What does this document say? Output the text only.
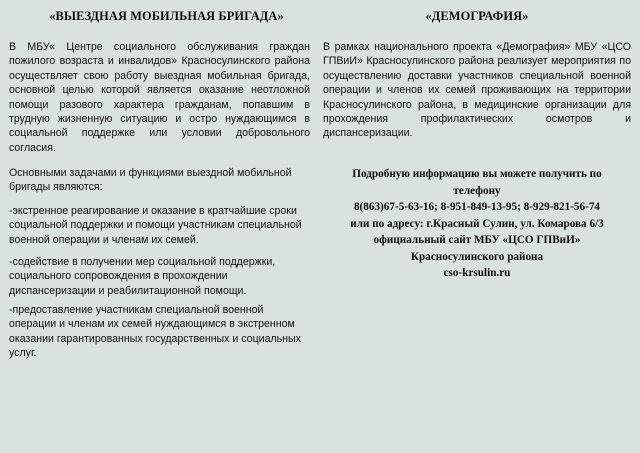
«ВЫЕЗДНАЯ МОБИЛЬНАЯ БРИГАДА»

В МБУ« Центре социального обслуживания граждан пожилого возраста и инвалидов» Красносулинского района осуществляет свою работу выездная мобильная бригада, основной целью которой является оказание неотложной помощи разового характера гражданам, попавшим в трудную жизненную ситуацию и остро нуждающимся в социальной поддержке или условии добровольного согласия.

Основными задачами и функциями выездной мобильной бригады являются:

-экстренное реагирование и оказание в кратчайшие сроки социальной поддержки и помощи участникам специальной военной операции и членам их семей.

-содействие в получении мер социальной поддержки, социального сопровождения в прохождении диспансеризации и реабилитационной помощи.

-предоставление участникам специальной военной операции и членам их семей нуждающимся в экстренном оказании гарантированных государственных и социальных услуг.

«ДЕМОГРАФИЯ»

В рамках национального проекта «Демография» МБУ «ЦСО ГПВиИ» Красносулинского района реализует мероприятия по осуществлению доставки участников специальной военной операции и членов их семей проживающих на территории Красносулинского района, в медицинские организации для прохождения профилактических осмотров и диспансеризации.

Подробную информацию вы можете получить по
телефону
8(863)67-5-63-16; 8-951-849-13-95; 8-929-821-56-74
или по адресу: г.Красный Сулин, ул. Комарова 6/3
официальный сайт МБУ «ЦСО ГПВиИ»
Красносулинского района
cso-krsulin.ru
